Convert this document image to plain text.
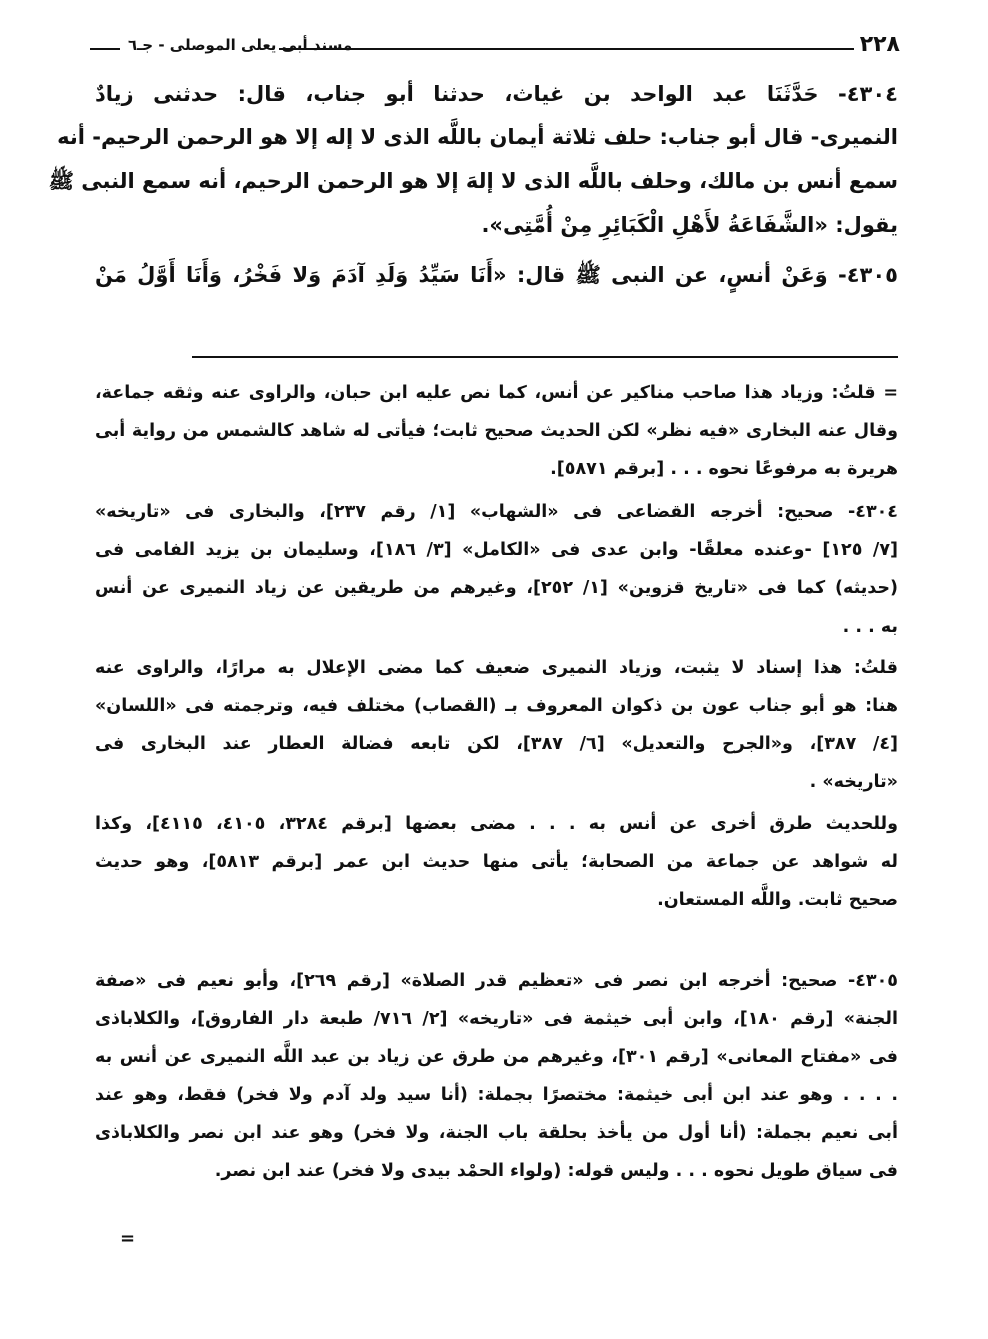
٢٢٨
مسند أبى يعلى الموصلى - جـ٦
٤٣٠٤- حَدَّثَنَا عبد الواحد بن غياث، حدثنا أبو جناب، قال: حدثنى زيادٌ
النميرى- قال أبو جناب: حلف ثلاثة أيمان باللَّه الذى لا إله إلا هو الرحمن الرحيم- أنه
سمع أنس بن مالك، وحلف باللَّه الذى لا إلهَ إلا هو الرحمن الرحيم، أنه سمع النبى ﷺ
يقول: «الشَّفَاعَةُ لأَهْلِ الْكَبَائِرِ مِنْ أُمَّتِى».
٤٣٠٥- وَعَنْ أنسٍ، عن النبى ﷺ قال: «أَنَا سَيِّدُ وَلَدِ آدَمَ وَلا فَخْرُ، وَأَنَا أَوَّلُ مَنْ
= قلتُ: وزياد هذا صاحب مناكير عن أنس، كما نص عليه ابن حبان، والراوى عنه وثقه جماعة،
وقال عنه البخارى «فيه نظر» لكن الحديث صحيح ثابت؛ فيأتى له شاهد كالشمس من رواية أبى
هريرة به مرفوعًا نحوه . . . [برقم ٥٨٧١].
٤٣٠٤- صحيح: أخرجه القضاعى فى «الشهاب» [١/ رقم ٢٣٧]، والبخارى فى «تاريخه»
[٧/ ١٢٥] -وعنده معلقًا- وابن عدى فى «الكامل» [٣/ ١٨٦]، وسليمان بن يزيد الفامى فى
(حديثه) كما فى «تاريخ قزوين» [١/ ٢٥٢]، وغيرهم من طريقين عن زياد النميرى عن أنس
به . . .
قلتُ: هذا إسناد لا يثبت، وزياد النميرى ضعيف كما مضى الإعلال به مرارًا، والراوى عنه
هنا: هو أبو جناب عون بن ذكوان المعروف بـ (القصاب) مختلف فيه، وترجمته فى «اللسان»
[٤/ ٣٨٧]، و«الجرح والتعديل» [٦/ ٣٨٧]، لكن تابعه فضالة العطار عند البخارى فى
«تاريخه» .
وللحديث طرق أخرى عن أنس به . . . مضى بعضها [برقم ٣٢٨٤، ٤١٠٥، ٤١١٥]، وكذا
له شواهد عن جماعة من الصحابة؛ يأتى منها حديث ابن عمر [برقم ٥٨١٣]، وهو حديث
صحيح ثابت. واللَّه المستعان.
٤٣٠٥- صحيح: أخرجه ابن نصر فى «تعظيم قدر الصلاة» [رقم ٢٦٩]، وأبو نعيم فى «صفة
الجنة» [رقم ١٨٠]، وابن أبى خيثمة فى «تاريخه» [٢/ ٧١٦/ طبعة دار الفاروق]، والكلاباذى
فى «مفتاح المعانى» [رقم ٣٠١]، وغيرهم من طرق عن زياد بن عبد اللَّه النميرى عن أنس به
. . . . وهو عند ابن أبى خيثمة: مختصرًا بجملة: (أنا سيد ولد آدم ولا فخر) فقط، وهو عند
أبى نعيم بجملة: (أنا أول من يأخذ بحلقة باب الجنة، ولا فخر) وهو عند ابن نصر والكلاباذى
فى سياق طويل نحوه . . . وليس قوله: (ولواء الحمْد بيدى ولا فخر) عند ابن نصر.
=
